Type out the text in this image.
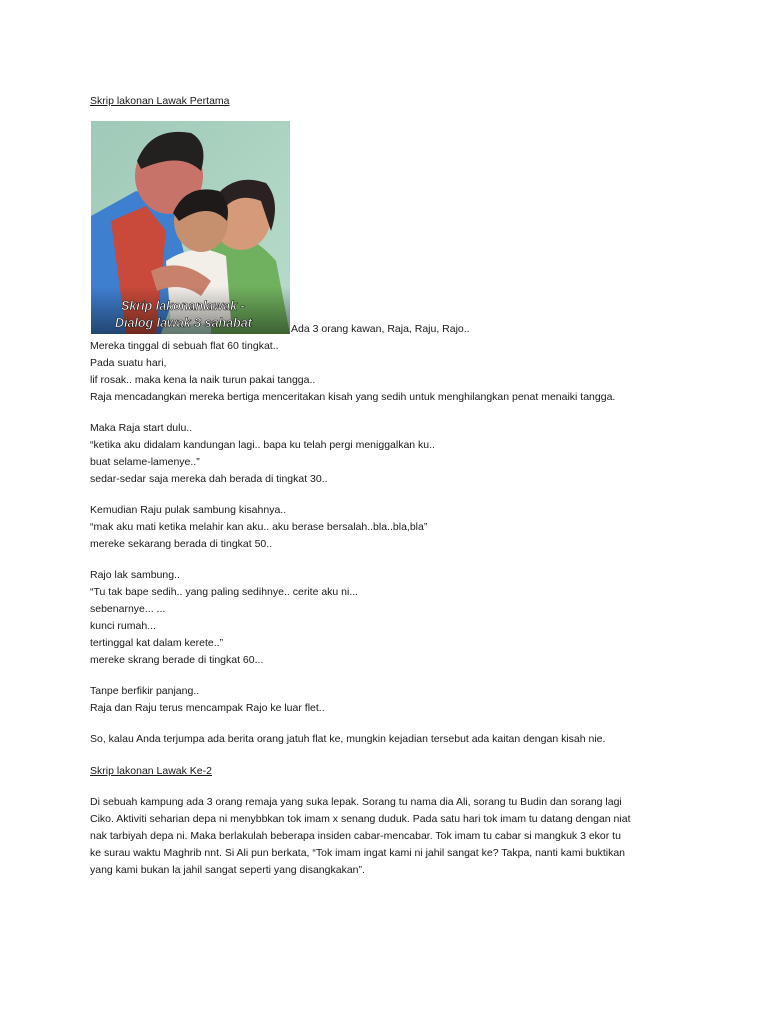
Skrip lakonan Lawak Pertama
Skrip lakonanlawak -
Dialog lawak 3 sahabat	Ada 3 orang kawan, Raja, Raju, Rajo..
Mereka tinggal di sebuah flat 60 tingkat..
Pada suatu hari,
lif rosak.. maka kena la naik turun pakai tangga..
Raja mencadangkan mereka bertiga menceritakan kisah yang sedih untuk menghilangkan penat menaiki tangga.
Maka Raja start dulu..
“ketika aku didalam kandungan lagi.. bapa ku telah pergi meniggalkan ku..
buat selame-lamenye..”
sedar-sedar saja mereka dah berada di tingkat 30..
Kemudian Raju pulak sambung kisahnya..
“mak aku mati ketika melahir kan aku.. aku berase bersalah..bla..bla,bla”
mereke sekarang berada di tingkat 50..
Rajo lak sambung..
“Tu tak bape sedih.. yang paling sedihnye.. cerite aku ni...
sebenarnye... ...
kunci rumah...
tertinggal kat dalam kerete..”
mereke skrang berade di tingkat 60...
Tanpe berfikir panjang..
Raja dan Raju terus mencampak Rajo ke luar flet..
So, kalau Anda terjumpa ada berita orang jatuh flat ke, mungkin kejadian tersebut ada kaitan dengan kisah nie.
Skrip lakonan Lawak Ke-2
Di sebuah kampung ada 3 orang remaja yang suka lepak. Sorang tu nama dia Ali, sorang tu Budin dan sorang lagi
Ciko. Aktiviti seharian depa ni menybbkan tok imam x senang duduk. Pada satu hari tok imam tu datang dengan niat
nak tarbiyah depa ni. Maka berlakulah beberapa insiden cabar-mencabar. Tok imam tu cabar si mangkuk 3 ekor tu
ke surau waktu Maghrib nnt. Si Ali pun berkata, “Tok imam ingat kami ni jahil sangat ke? Takpa, nanti kami buktikan
yang kami bukan la jahil sangat seperti yang disangkakan”.
